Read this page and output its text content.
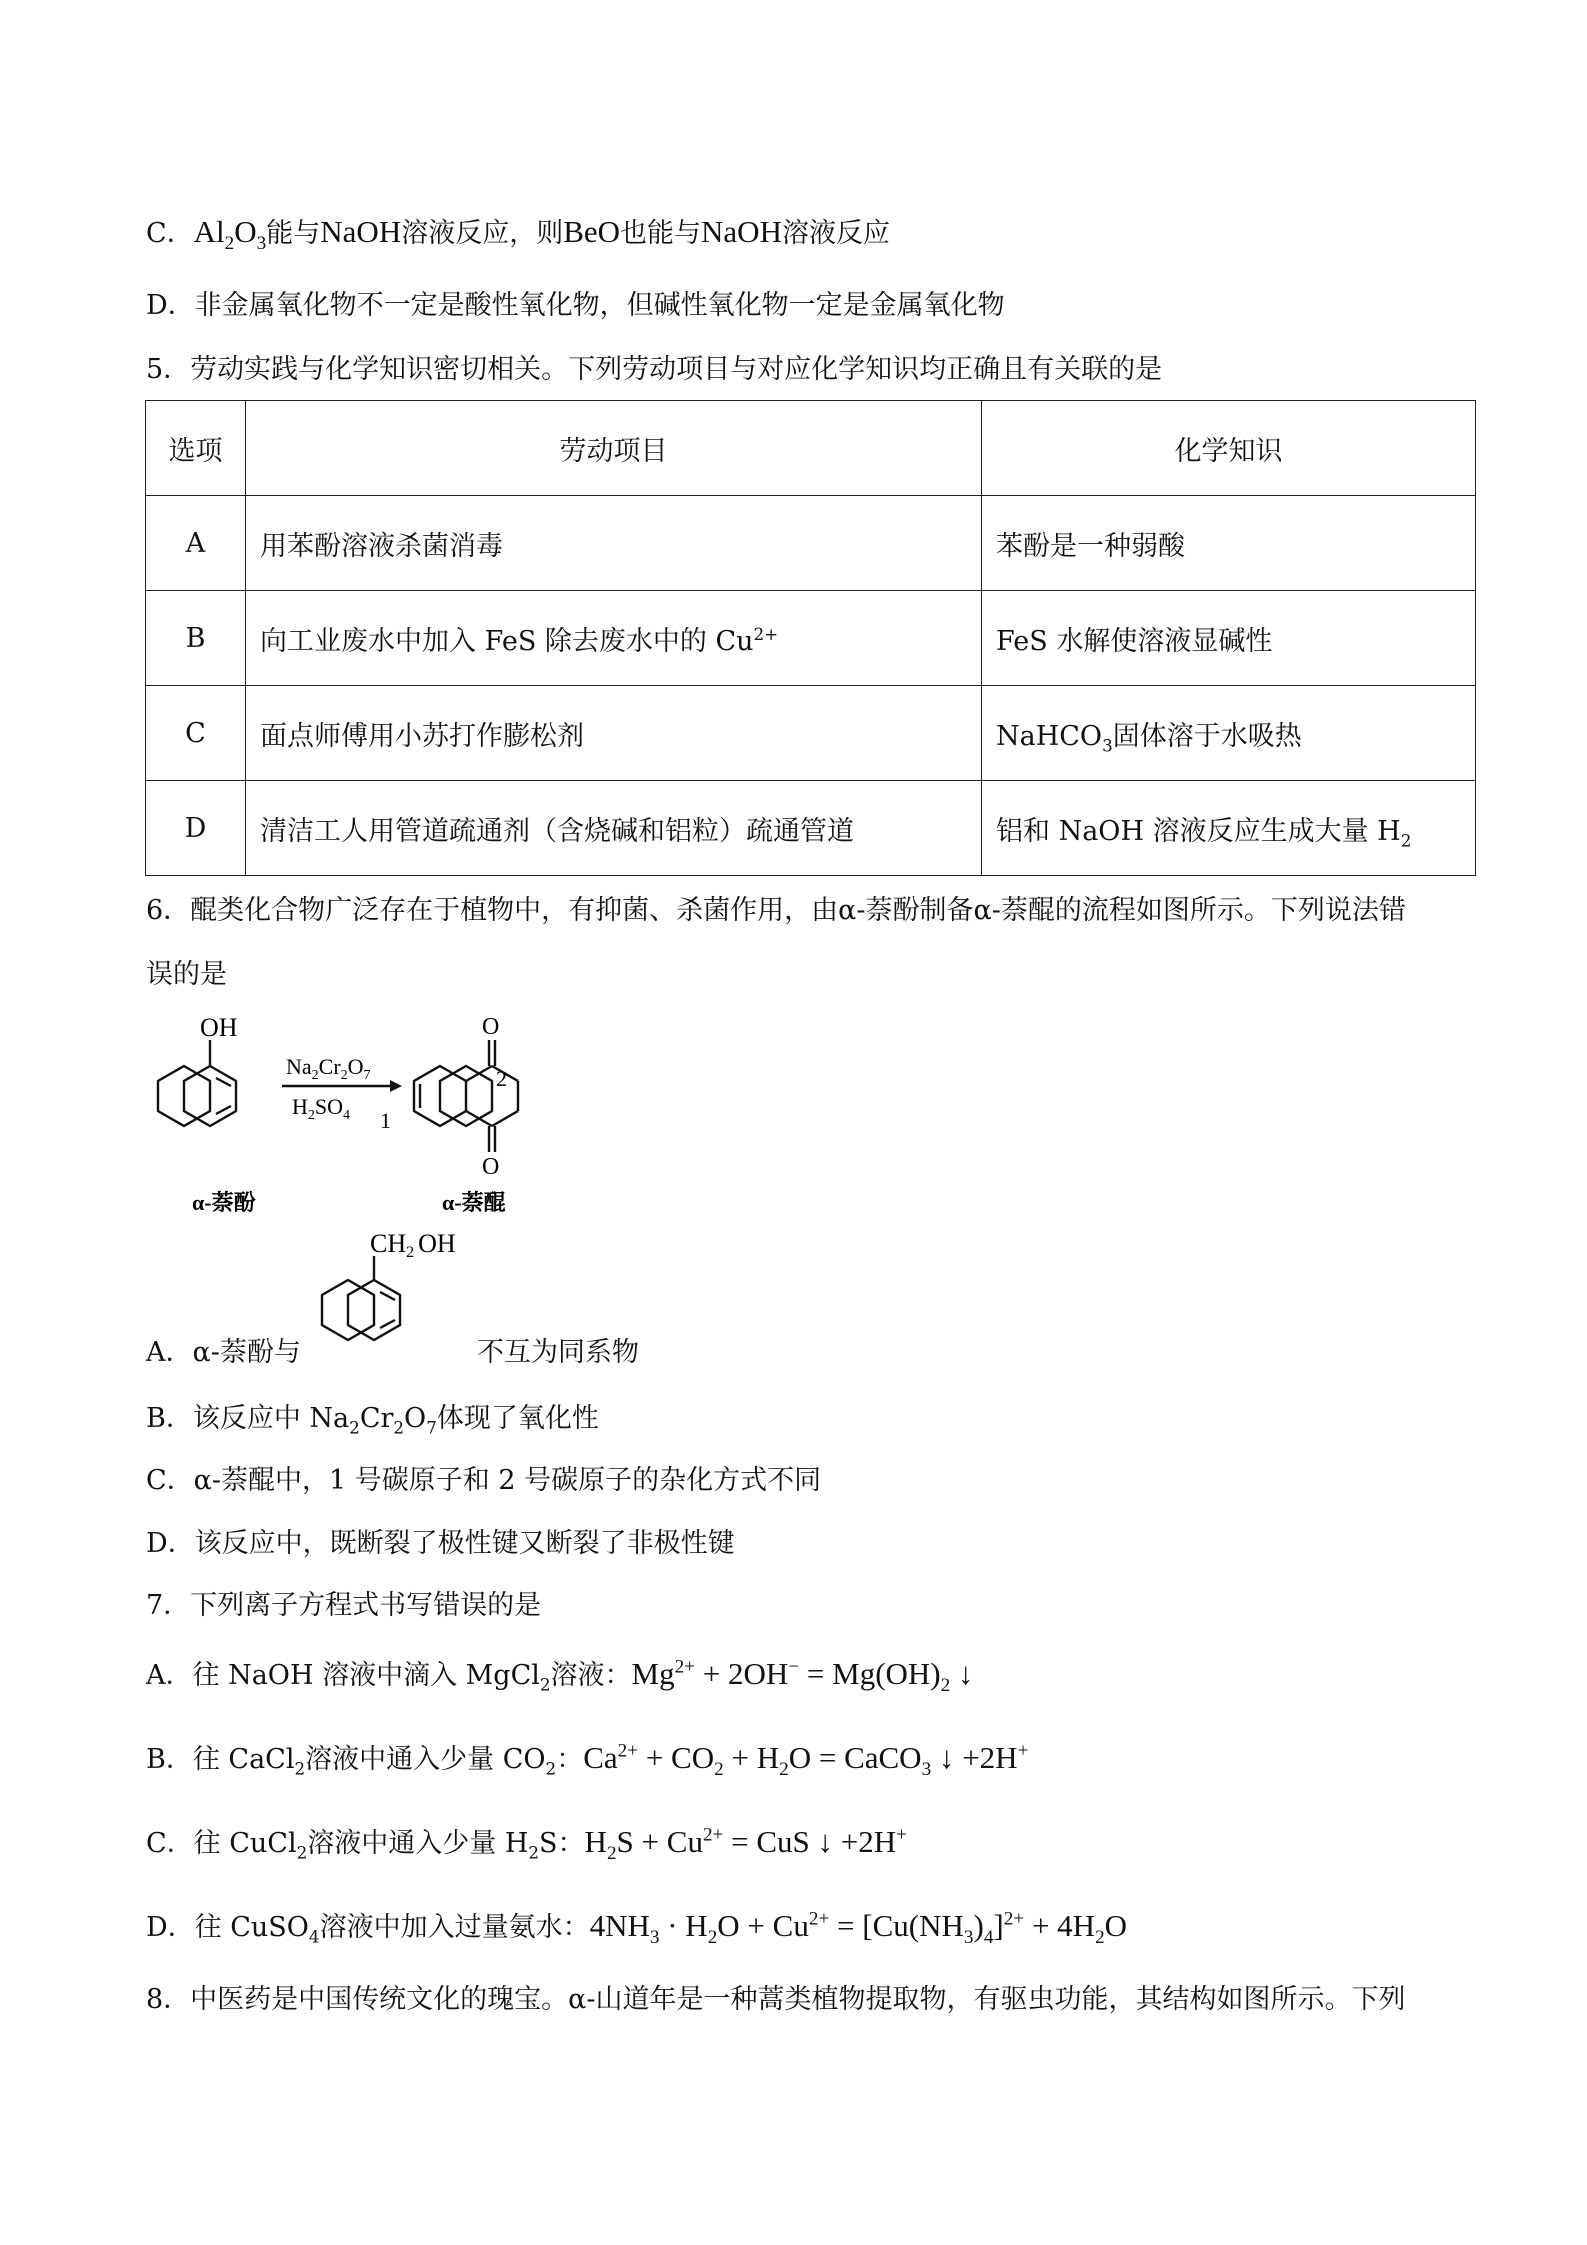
C．$Al_2O_3$能与NaOH溶液反应，则BeO也能与NaOH溶液反应
D．非金属氧化物不一定是酸性氧化物，但碱性氧化物一定是金属氧化物
5．劳动实践与化学知识密切相关。下列劳动项目与对应化学知识均正确且有关联的是
选项	劳动项目	化学知识
A	用苯酚溶液杀菌消毒	苯酚是一种弱酸
B	向工业废水中加入 FeS 除去废水中的 $Cu^{2+}$	FeS 水解使溶液显碱性
C	面点师傅用小苏打作膨松剂	NaHCO$_3$固体溶于水吸热
D	清洁工人用管道疏通剂（含烧碱和铝粒）疏通管道	铝和 NaOH 溶液反应生成大量 $H_2$
6．醌类化合物广泛存在于植物中，有抑菌、杀菌作用，由α-萘酚制备α-萘醌的流程如图所示。下列说法错
误的是
OH
$Na_2Cr_2O_7$
$H_2SO_4$
O
O
2
1
α-萘酚	α-萘醌
A．α-萘酚与
CH2 OH
不互为同系物
B．该反应中 $Na_2Cr_2O_7$体现了氧化性
C．α-萘醌中，1 号碳原子和 2 号碳原子的杂化方式不同
D．该反应中，既断裂了极性键又断裂了非极性键
7．下列离子方程式书写错误的是
A．往 NaOH 溶液中滴入 MgCl$_2$溶液：$Mg^{2+} + 2OH^- = Mg(OH)_2$ ↓
B．往 CaCl$_2$溶液中通入少量 $CO_2$：$Ca^{2+} + CO_2 + H_2O$ = CaCO$_3$ ↓ +2H+
C．往 CuCl$_2$溶液中通入少量 $H_2S$：$H_2S + Cu^{2+}$ = CuS ↓ +2H+
D．往 CuSO$_4$溶液中加入过量氨水：$4NH_3 \cdot H_2O + Cu^{2+} = [Cu(NH_3)_4]^{2+} + 4H_2O$
8．中医药是中国传统文化的瑰宝。α-山道年是一种蒿类植物提取物，有驱虫功能，其结构如图所示。下列
